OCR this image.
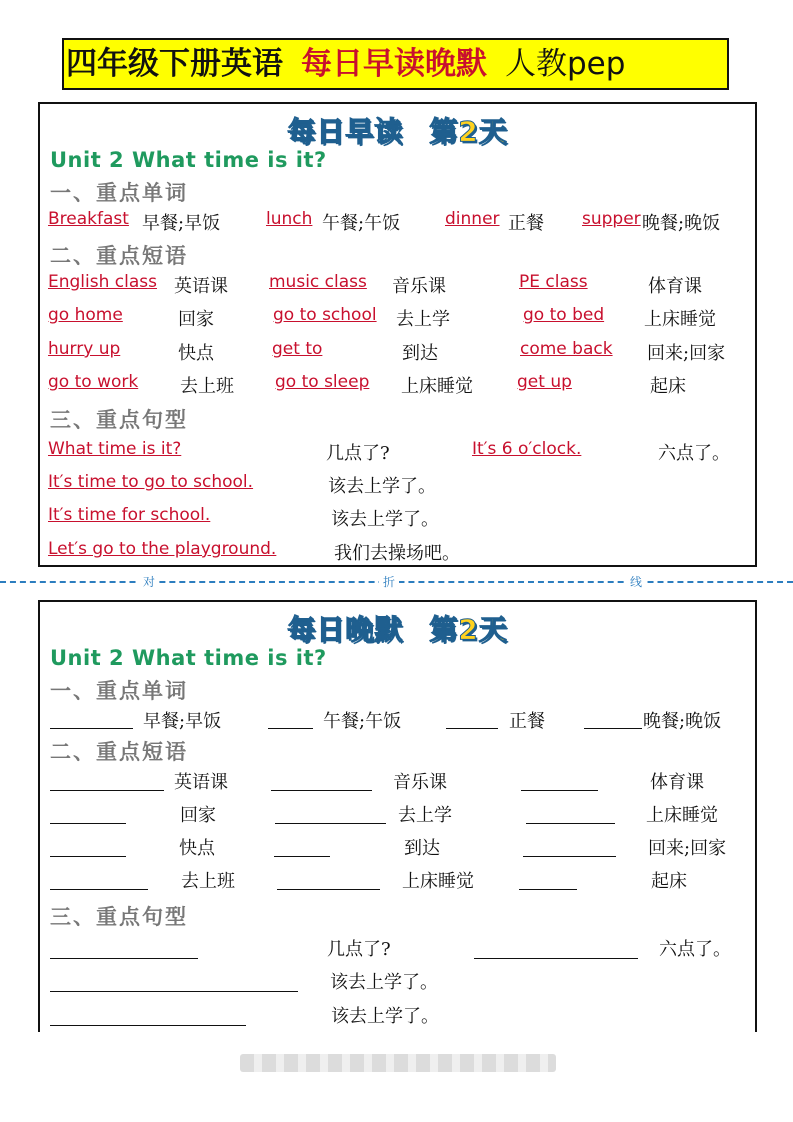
四年级下册英语 每日早读晚默 人教pep
每日早读 第2天
Unit 2 What time is it?
一、重点单词
Breakfast 早餐;早饭	lunch 午餐;午饭	dinner 正餐 supper 晚餐;晚饭
二、重点短语
English class 英语课 music class 音乐课	PE class	体育课
go home	回家	go to school 去上学	go to bed 上床睡觉
hurry up	快点	get to	到达	come back 回来;回家
go to work 去上班 go to sleep 上床睡觉	get up	起床
三、重点句型
What time is it?	几点了?	It′s 6 o′clock.	六点了。
It′s time to go to school.	该去上学了。
It′s time for school.	该去上学了。
Let′s go to the playground.	我们去操场吧。
对	折	线
每日晚默 第2天
Unit 2 What time is it?
一、重点单词
早餐;早饭	午餐;午饭	正餐	晚餐;晚饭
二、重点短语
英语课	音乐课	体育课
回家	去上学	上床睡觉
快点	到达	回来;回家
去上班	上床睡觉	起床
三、重点句型
几点了?	六点了。
该去上学了。
该去上学了。
